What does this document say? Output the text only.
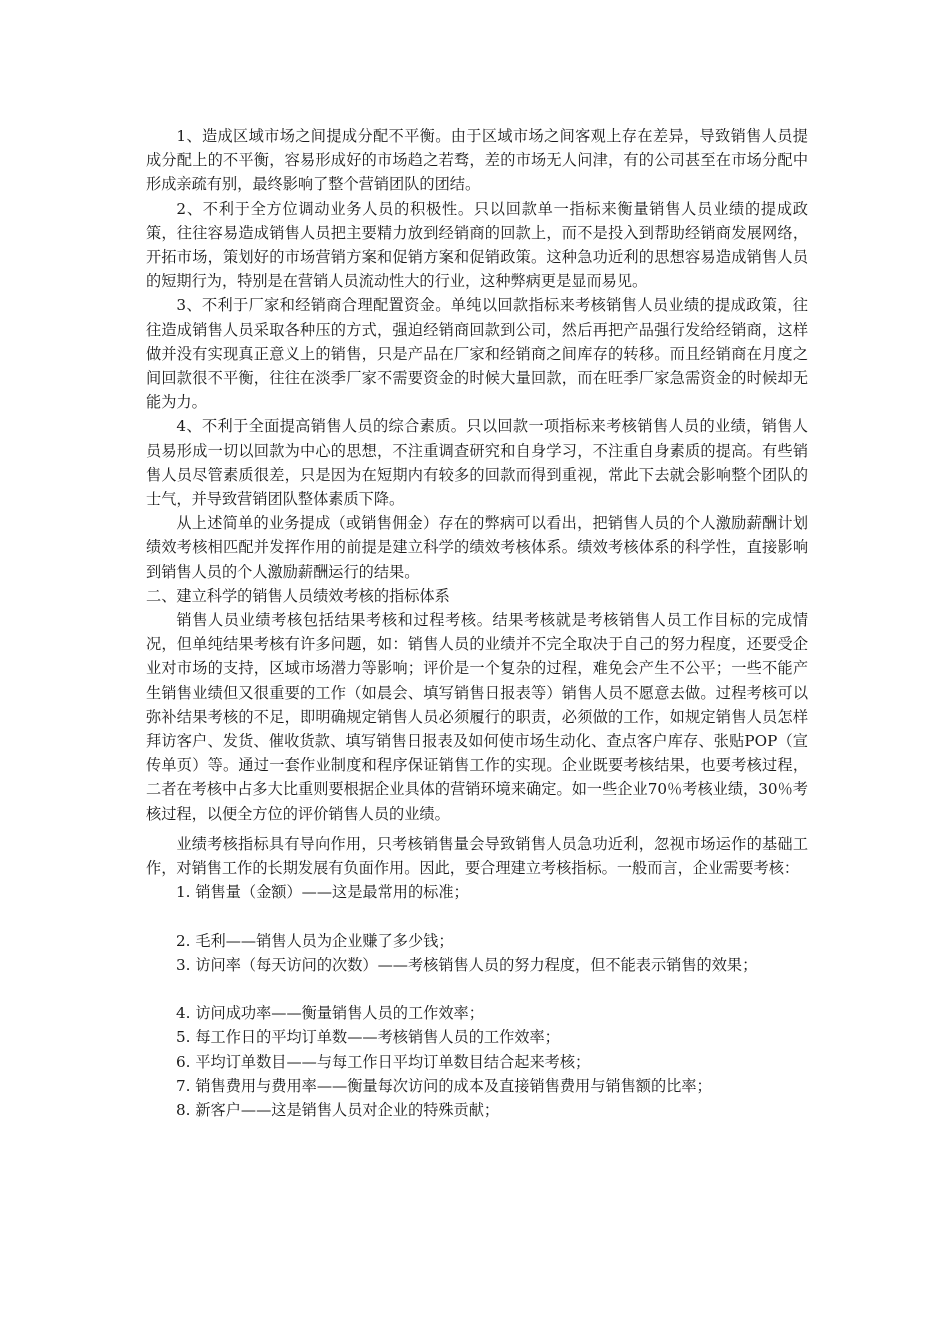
1、造成区域市场之间提成分配不平衡。由于区域市场之间客观上存在差异，导致销售人员提成分配上的不平衡，容易形成好的市场趋之若骛，差的市场无人问津，有的公司甚至在市场分配中形成亲疏有别，最终影响了整个营销团队的团结。

2、不利于全方位调动业务人员的积极性。只以回款单一指标来衡量销售人员业绩的提成政策，往往容易造成销售人员把主要精力放到经销商的回款上，而不是投入到帮助经销商发展网络，开拓市场，策划好的市场营销方案和促销方案和促销政策。这种急功近利的思想容易造成销售人员的短期行为，特别是在营销人员流动性大的行业，这种弊病更是显而易见。

3、不利于厂家和经销商合理配置资金。单纯以回款指标来考核销售人员业绩的提成政策，往往造成销售人员采取各种压的方式，强迫经销商回款到公司，然后再把产品强行发给经销商，这样做并没有实现真正意义上的销售，只是产品在厂家和经销商之间库存的转移。而且经销商在月度之间回款很不平衡，往往在淡季厂家不需要资金的时候大量回款，而在旺季厂家急需资金的时候却无能为力。

4、不利于全面提高销售人员的综合素质。只以回款一项指标来考核销售人员的业绩，销售人员易形成一切以回款为中心的思想，不注重调查研究和自身学习，不注重自身素质的提高。有些销售人员尽管素质很差，只是因为在短期内有较多的回款而得到重视，常此下去就会影响整个团队的士气，并导致营销团队整体素质下降。

从上述简单的业务提成（或销售佣金）存在的弊病可以看出，把销售人员的个人激励薪酬计划绩效考核相匹配并发挥作用的前提是建立科学的绩效考核体系。绩效考核体系的科学性，直接影响到销售人员的个人激励薪酬运行的结果。

二、建立科学的销售人员绩效考核的指标体系

销售人员业绩考核包括结果考核和过程考核。结果考核就是考核销售人员工作目标的完成情况，但单纯结果考核有许多问题，如：销售人员的业绩并不完全取决于自己的努力程度，还要受企业对市场的支持，区域市场潜力等影响；评价是一个复杂的过程，难免会产生不公平；一些不能产生销售业绩但又很重要的工作（如晨会、填写销售日报表等）销售人员不愿意去做。过程考核可以弥补结果考核的不足，即明确规定销售人员必须履行的职责，必须做的工作，如规定销售人员怎样拜访客户、发货、催收货款、填写销售日报表及如何使市场生动化、查点客户库存、张贴POP（宣传单页）等。通过一套作业制度和程序保证销售工作的实现。企业既要考核结果，也要考核过程，二者在考核中占多大比重则要根据企业具体的营销环境来确定。如一些企业70％考核业绩，30％考核过程，以便全方位的评价销售人员的业绩。

业绩考核指标具有导向作用，只考核销售量会导致销售人员急功近利，忽视市场运作的基础工作，对销售工作的长期发展有负面作用。因此，要合理建立考核指标。一般而言，企业需要考核：

1. 销售量（金额）——这是最常用的标准；

2. 毛利——销售人员为企业赚了多少钱；

3. 访问率（每天访问的次数）——考核销售人员的努力程度，但不能表示销售的效果；

4. 访问成功率——衡量销售人员的工作效率；

5. 每工作日的平均订单数——考核销售人员的工作效率；

6. 平均订单数目——与每工作日平均订单数目结合起来考核；

7. 销售费用与费用率——衡量每次访问的成本及直接销售费用与销售额的比率；

8. 新客户——这是销售人员对企业的特殊贡献；
